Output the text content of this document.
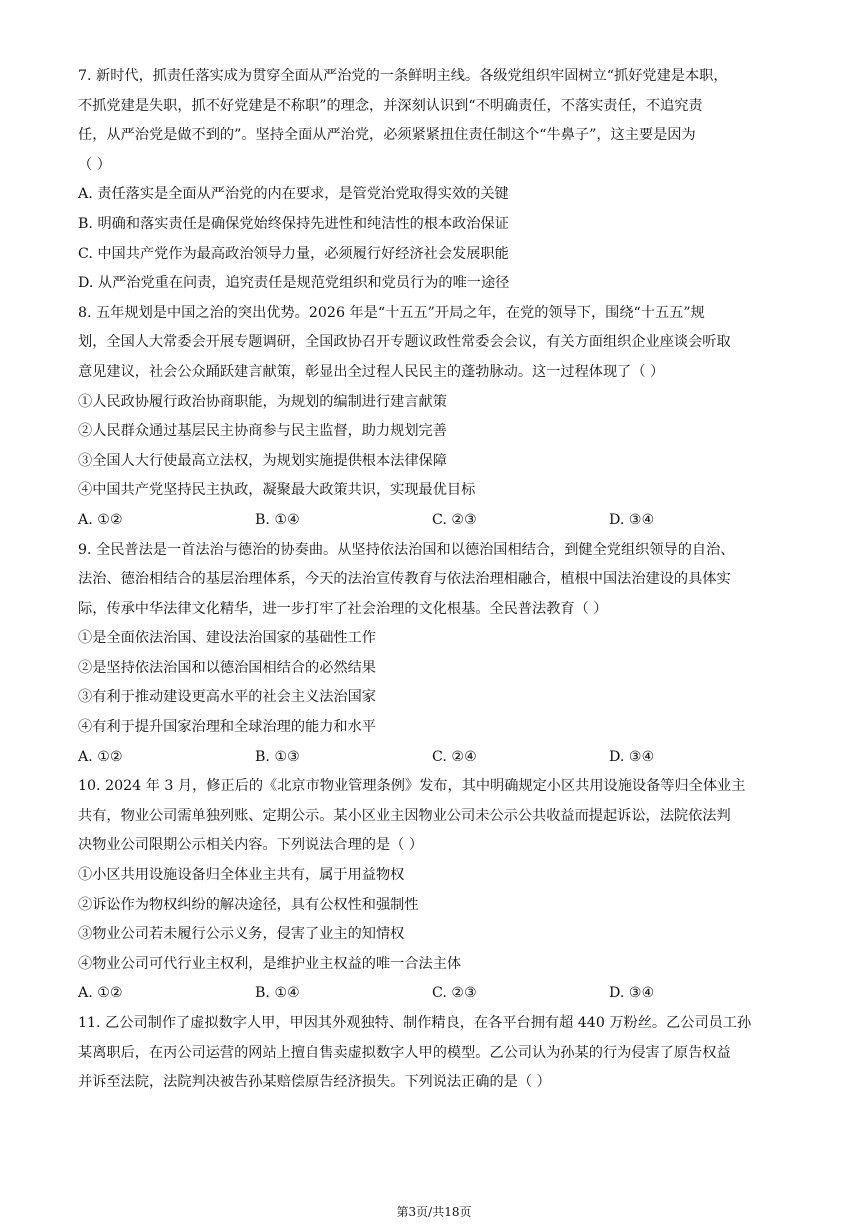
7. 新时代，抓责任落实成为贯穿全面从严治党的一条鲜明主线。各级党组织牢固树立“抓好党建是本职，
不抓党建是失职，抓不好党建是不称职”的理念，并深刻认识到“不明确责任，不落实责任，不追究责
任，从严治党是做不到的”。坚持全面从严治党，必须紧紧扭住责任制这个“牛鼻子”，这主要是因为
（ ）
A. 责任落实是全面从严治党的内在要求，是管党治党取得实效的关键
B. 明确和落实责任是确保党始终保持先进性和纯洁性的根本政治保证
C. 中国共产党作为最高政治领导力量，必须履行好经济社会发展职能
D. 从严治党重在问责，追究责任是规范党组织和党员行为的唯一途径
8. 五年规划是中国之治的突出优势。2026 年是“十五五”开局之年，在党的领导下，围绕“十五五”规
划，全国人大常委会开展专题调研，全国政协召开专题议政性常委会会议，有关方面组织企业座谈会听取
意见建议，社会公众踊跃建言献策，彰显出全过程人民民主的蓬勃脉动。这一过程体现了（ ）
①人民政协履行政治协商职能，为规划的编制进行建言献策
②人民群众通过基层民主协商参与民主监督，助力规划完善
③全国人大行使最高立法权，为规划实施提供根本法律保障
④中国共产党坚持民主执政，凝聚最大政策共识，实现最优目标
A. ①②	B. ①④	C. ②③	D. ③④
9. 全民普法是一首法治与德治的协奏曲。从坚持依法治国和以德治国相结合，到健全党组织领导的自治、
法治、德治相结合的基层治理体系，今天的法治宣传教育与依法治理相融合，植根中国法治建设的具体实
际，传承中华法律文化精华，进一步打牢了社会治理的文化根基。全民普法教育（ ）
①是全面依法治国、建设法治国家的基础性工作
②是坚持依法治国和以德治国相结合的必然结果
③有利于推动建设更高水平的社会主义法治国家
④有利于提升国家治理和全球治理的能力和水平
A. ①②	B. ①③	C. ②④	D. ③④
10. 2024 年 3 月，修正后的《北京市物业管理条例》发布，其中明确规定小区共用设施设备等归全体业主
共有，物业公司需单独列账、定期公示。某小区业主因物业公司未公示公共收益而提起诉讼，法院依法判
决物业公司限期公示相关内容。下列说法合理的是（ ）
①小区共用设施设备归全体业主共有，属于用益物权
②诉讼作为物权纠纷的解决途径，具有公权性和强制性
③物业公司若未履行公示义务，侵害了业主的知情权
④物业公司可代行业主权利，是维护业主权益的唯一合法主体
A. ①②	B. ①④	C. ②③	D. ③④
11. 乙公司制作了虚拟数字人甲，甲因其外观独特、制作精良，在各平台拥有超 440 万粉丝。乙公司员工孙
某离职后，在丙公司运营的网站上擅自售卖虚拟数字人甲的模型。乙公司认为孙某的行为侵害了原告权益
并诉至法院，法院判决被告孙某赔偿原告经济损失。下列说法正确的是（ ）
第3页/共18页
